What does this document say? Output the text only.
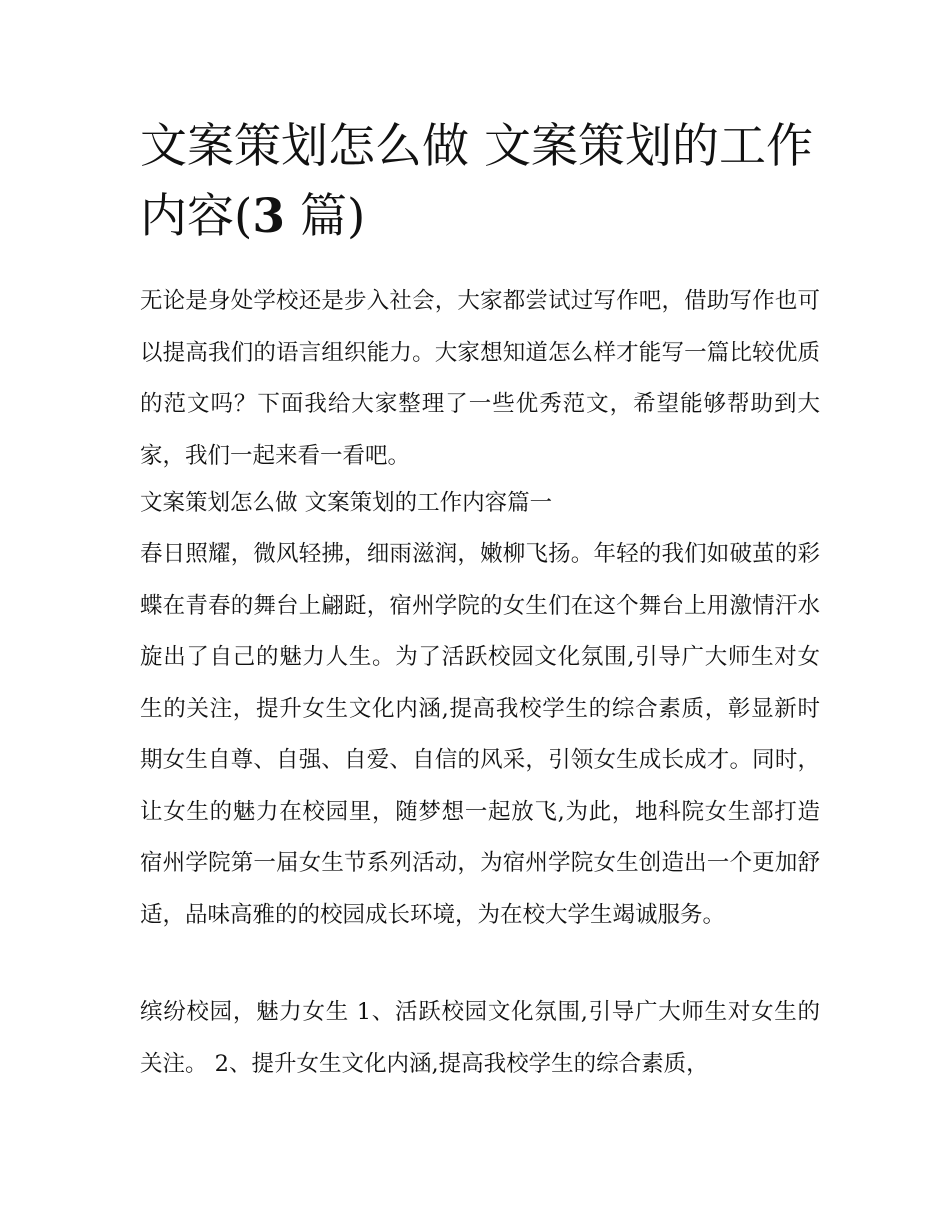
文案策划怎么做 文案策划的工作内容(3 篇)

无论是身处学校还是步入社会，大家都尝试过写作吧，借助写作也可以提高我们的语言组织能力。大家想知道怎么样才能写一篇比较优质的范文吗？下面我给大家整理了一些优秀范文，希望能够帮助到大家，我们一起来看一看吧。

文案策划怎么做 文案策划的工作内容篇一

春日照耀，微风轻拂，细雨滋润，嫩柳飞扬。年轻的我们如破茧的彩蝶在青春的舞台上翩跹，宿州学院的女生们在这个舞台上用激情汗水旋出了自己的魅力人生。为了活跃校园文化氛围,引导广大师生对女生的关注，提升女生文化内涵,提高我校学生的综合素质，彰显新时期女生自尊、自强、自爱、自信的风采，引领女生成长成才。同时，让女生的魅力在校园里，随梦想一起放飞,为此，地科院女生部打造宿州学院第一届女生节系列活动，为宿州学院女生创造出一个更加舒适，品味高雅的的校园成长环境，为在校大学生竭诚服务。

缤纷校园，魅力女生 1、活跃校园文化氛围,引导广大师生对女生的关注。 2、提升女生文化内涵,提高我校学生的综合素质，
